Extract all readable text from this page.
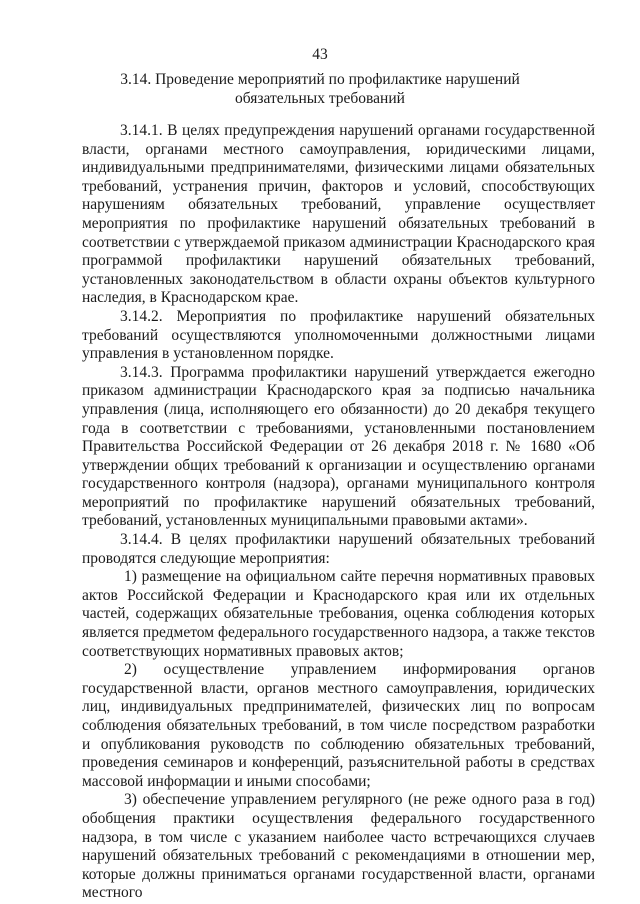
43
3.14. Проведение мероприятий по профилактике нарушений
обязательных требований

3.14.1. В целях предупреждения нарушений органами государственной власти, органами местного самоуправления, юридическими лицами, индивидуальными предпринимателями, физическими лицами обязательных требований, устранения причин, факторов и условий, способствующих нарушениям обязательных требований, управление осуществляет мероприятия по профилактике нарушений обязательных требований в соответствии с утверждаемой приказом администрации Краснодарского края программой профилактики нарушений обязательных требований, установленных законодательством в области охраны объектов культурного наследия, в Краснодарском крае.

3.14.2. Мероприятия по профилактике нарушений обязательных требований осуществляются уполномоченными должностными лицами управления в установленном порядке.

3.14.3. Программа профилактики нарушений утверждается ежегодно приказом администрации Краснодарского края за подписью начальника управления (лица, исполняющего его обязанности) до 20 декабря текущего года в соответствии с требованиями, установленными постановлением Правительства Российской Федерации от 26 декабря 2018 г. № 1680 «Об утверждении общих требований к организации и осуществлению органами государственного контроля (надзора), органами муниципального контроля мероприятий по профилактике нарушений обязательных требований, требований, установленных муниципальными правовыми актами».

3.14.4. В целях профилактики нарушений обязательных требований проводятся следующие мероприятия:

1) размещение на официальном сайте перечня нормативных правовых актов Российской Федерации и Краснодарского края или их отдельных частей, содержащих обязательные требования, оценка соблюдения которых является предметом федерального государственного надзора, а также текстов соответствующих нормативных правовых актов;

2) осуществление управлением информирования органов государственной власти, органов местного самоуправления, юридических лиц, индивидуальных предпринимателей, физических лиц по вопросам соблюдения обязательных требований, в том числе посредством разработки и опубликования руководств по соблюдению обязательных требований, проведения семинаров и конференций, разъяснительной работы в средствах массовой информации и иными способами;

3) обеспечение управлением регулярного (не реже одного раза в год) обобщения практики осуществления федерального государственного надзора, в том числе с указанием наиболее часто встречающихся случаев нарушений обязательных требований с рекомендациями в отношении мер, которые должны приниматься органами государственной власти, органами местного
